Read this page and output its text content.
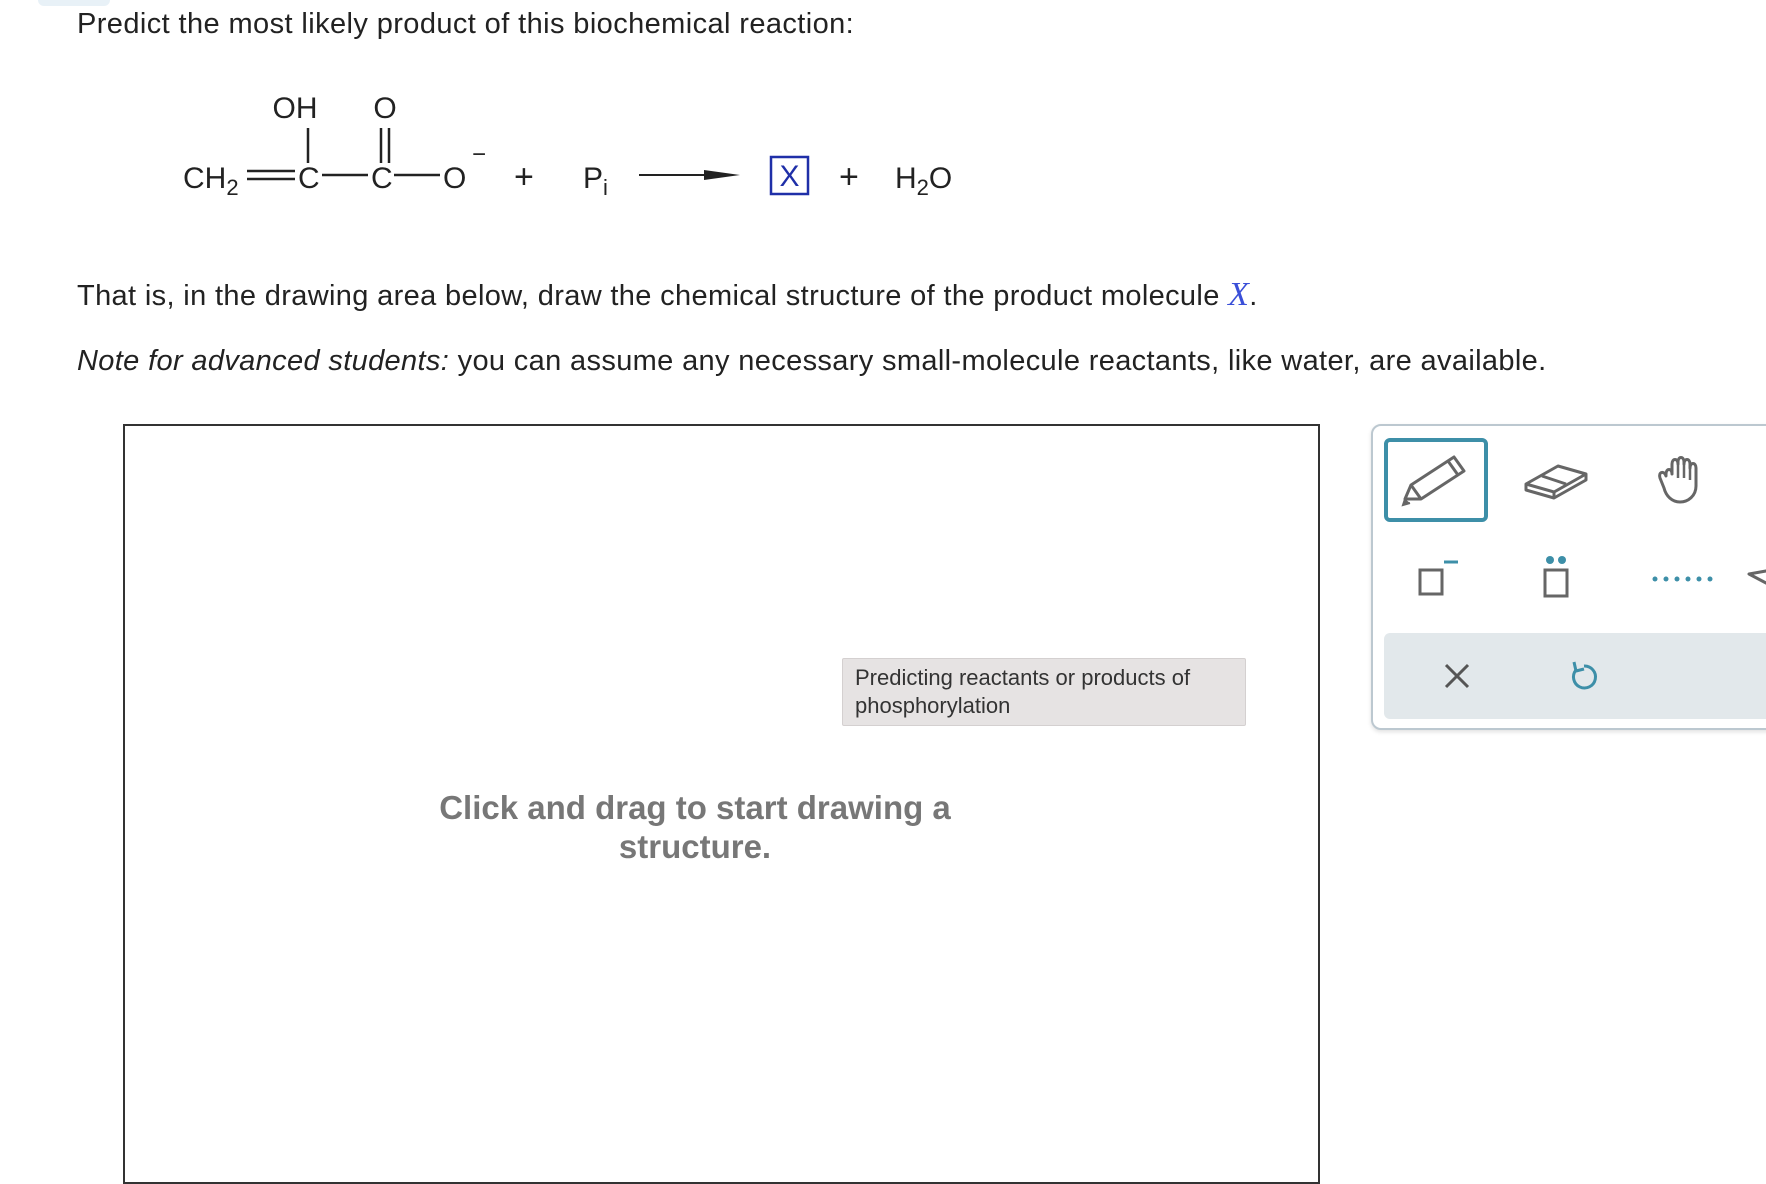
Predict the most likely product of this biochemical reaction:
OH O
$CH_2$ C C O
−
+ $P_i$	$X + H_2O$
That is, in the drawing area below, draw the chemical structure of the product molecule X.
Note for advanced students: you can assume any necessary small-molecule reactants, like water, are available.
Predicting reactants or products of phosphorylation
Click and drag to start drawing a
structure.
